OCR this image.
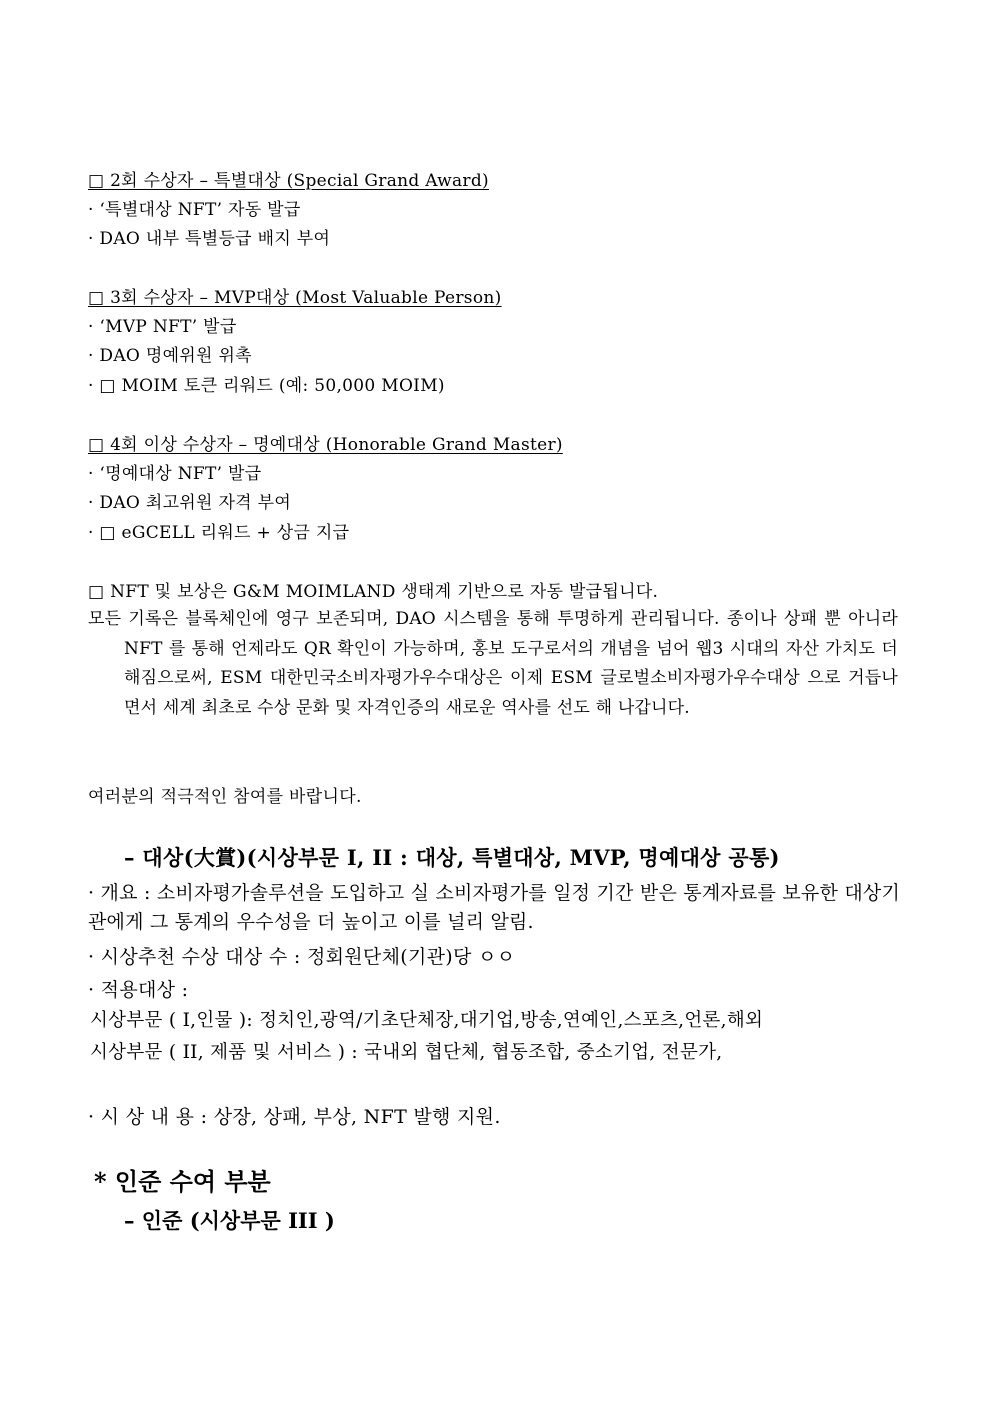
□ 2회 수상자 – 특별대상 (Special Grand Award)
· ‘특별대상 NFT’ 자동 발급
· DAO 내부 특별등급 배지 부여
□ 3회 수상자 – MVP대상 (Most Valuable Person)
· ‘MVP NFT’ 발급
· DAO 명예위원 위촉
· □ MOIM 토큰 리워드 (예: 50,000 MOIM)
□ 4회 이상 수상자 – 명예대상 (Honorable Grand Master)
· ‘명예대상 NFT’ 발급
· DAO 최고위원 자격 부여
· □ eGCELL 리워드 + 상금 지급
□ NFT 및 보상은 G&M MOIMLAND 생태계 기반으로 자동 발급됩니다.
모든 기록은 블록체인에 영구 보존되며, DAO 시스템을 통해 투명하게 관리됩니다. 종이나 상패 뿐 아니라 NFT 를 통해 언제라도 QR 확인이 가능하며, 홍보 도구로서의 개념을 넘어 웹3 시대의 자산 가치도 더해짐으로써, ESM 대한민국소비자평가우수대상은 이제 ESM 글로벌소비자평가우수대상 으로 거듭나면서 세계 최초로 수상 문화 및 자격인증의 새로운 역사를 선도 해 나갑니다.
여러분의 적극적인 참여를 바랍니다.
– 대상(大賞)(시상부문 I, II : 대상, 특별대상, MVP, 명예대상 공통)
· 개요 : 소비자평가솔루션을 도입하고 실 소비자평가를 일정 기간 받은 통계자료를 보유한 대상기관에게 그 통계의 우수성을 더 높이고 이를 널리 알림.
· 시상추천 수상 대상 수 : 정회원단체(기관)당 ㅇㅇ
· 적용대상 :
시상부문 ( I,인물 ): 정치인,광역/기초단체장,대기업,방송,연예인,스포츠,언론,해외
시상부문 ( II, 제품 및 서비스 ) : 국내외 협단체, 협동조합, 중소기업, 전문가,
· 시 상 내 용 : 상장, 상패, 부상, NFT 발행 지원.
* 인준 수여 부분
– 인준 (시상부문 III )
